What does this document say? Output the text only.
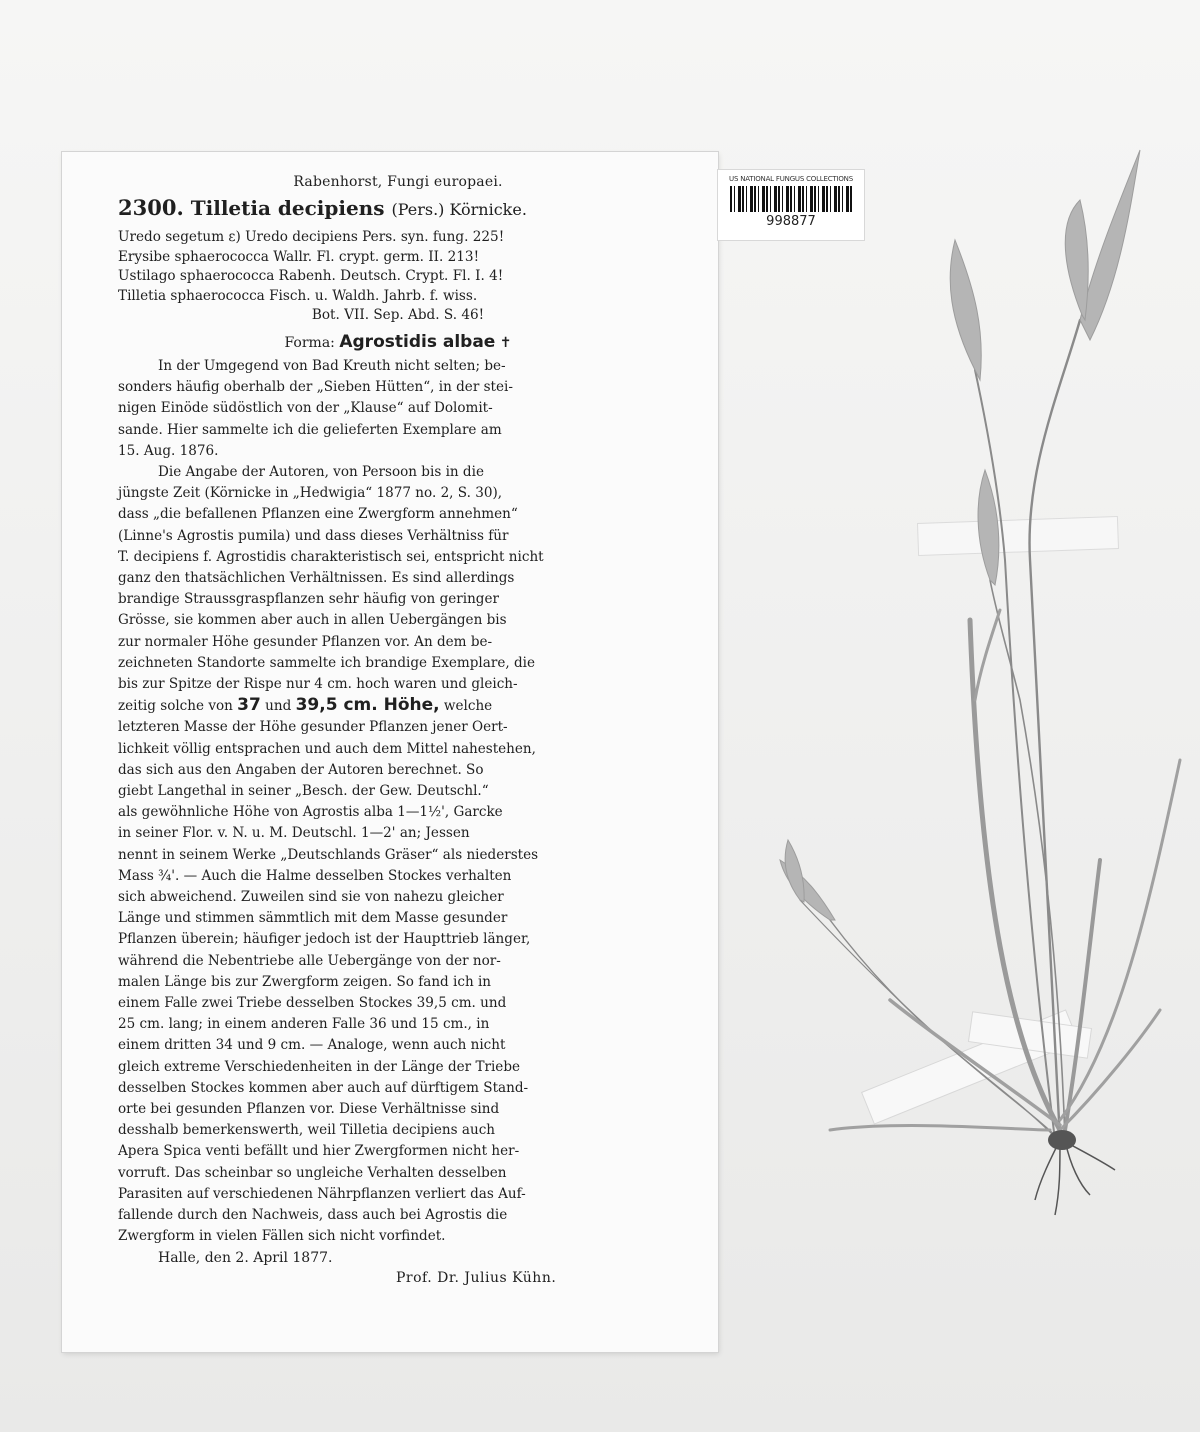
Rabenhorst, Fungi europaei.
2300. Tilletia decipiens (Pers.) Körnicke.

Uredo segetum ε) Uredo decipiens Pers. syn. fung. 225!

Erysibe sphaerococca Wallr. Fl. crypt. germ. II. 213!

Ustilago sphaerococca Rabenh. Deutsch. Crypt. Fl. I. 4!

Tilletia sphaerococca Fisch. u. Waldh. Jahrb. f. wiss.

Bot. VII. Sep. Abd. S. 46!

Forma: Agrostidis albae ✝
In der Umgegend von Bad Kreuth nicht selten; be-
sonders häufig oberhalb der „Sieben Hütten“, in der stei-
nigen Einöde südöstlich von der „Klause“ auf Dolomit-
sande. Hier sammelte ich die gelieferten Exemplare am
15. Aug. 1876.
Die Angabe der Autoren, von Persoon bis in die
jüngste Zeit (Körnicke in „Hedwigia“ 1877 no. 2, S. 30),
dass „die befallenen Pflanzen eine Zwergform annehmen“
(Linne's Agrostis pumila) und dass dieses Verhältniss für
T. decipiens f. Agrostidis charakteristisch sei, entspricht nicht
ganz den thatsächlichen Verhältnissen. Es sind allerdings
brandige Straussgraspflanzen sehr häufig von geringer
Grösse, sie kommen aber auch in allen Uebergängen bis
zur normaler Höhe gesunder Pflanzen vor. An dem be-
zeichneten Standorte sammelte ich brandige Exemplare, die
bis zur Spitze der Rispe nur 4 cm. hoch waren und gleich-
zeitig solche von 37 und 39,5 cm. Höhe, welche
letzteren Masse der Höhe gesunder Pflanzen jener Oert-
lichkeit völlig entsprachen und auch dem Mittel nahestehen,
das sich aus den Angaben der Autoren berechnet. So
giebt Langethal in seiner „Besch. der Gew. Deutschl.“
als gewöhnliche Höhe von Agrostis alba 1—1½', Garcke
in seiner Flor. v. N. u. M. Deutschl. 1—2' an; Jessen
nennt in seinem Werke „Deutschlands Gräser“ als niederstes
Mass ¾'. — Auch die Halme desselben Stockes verhalten
sich abweichend. Zuweilen sind sie von nahezu gleicher
Länge und stimmen sämmtlich mit dem Masse gesunder
Pflanzen überein; häufiger jedoch ist der Haupttrieb länger,
während die Nebentriebe alle Uebergänge von der nor-
malen Länge bis zur Zwergform zeigen. So fand ich in
einem Falle zwei Triebe desselben Stockes 39,5 cm. und
25 cm. lang; in einem anderen Falle 36 und 15 cm., in
einem dritten 34 und 9 cm. — Analoge, wenn auch nicht
gleich extreme Verschiedenheiten in der Länge der Triebe
desselben Stockes kommen aber auch auf dürftigem Stand-
orte bei gesunden Pflanzen vor. Diese Verhältnisse sind
desshalb bemerkenswerth, weil Tilletia decipiens auch
Apera Spica venti befällt und hier Zwergformen nicht her-
vorruft. Das scheinbar so ungleiche Verhalten desselben
Parasiten auf verschiedenen Nährpflanzen verliert das Auf-
fallende durch den Nachweis, dass auch bei Agrostis die
Zwergform in vielen Fällen sich nicht vorfindet.
Halle, den 2. April 1877.
Prof. Dr. Julius Kühn.
US NATIONAL FUNGUS COLLECTIONS
998877
